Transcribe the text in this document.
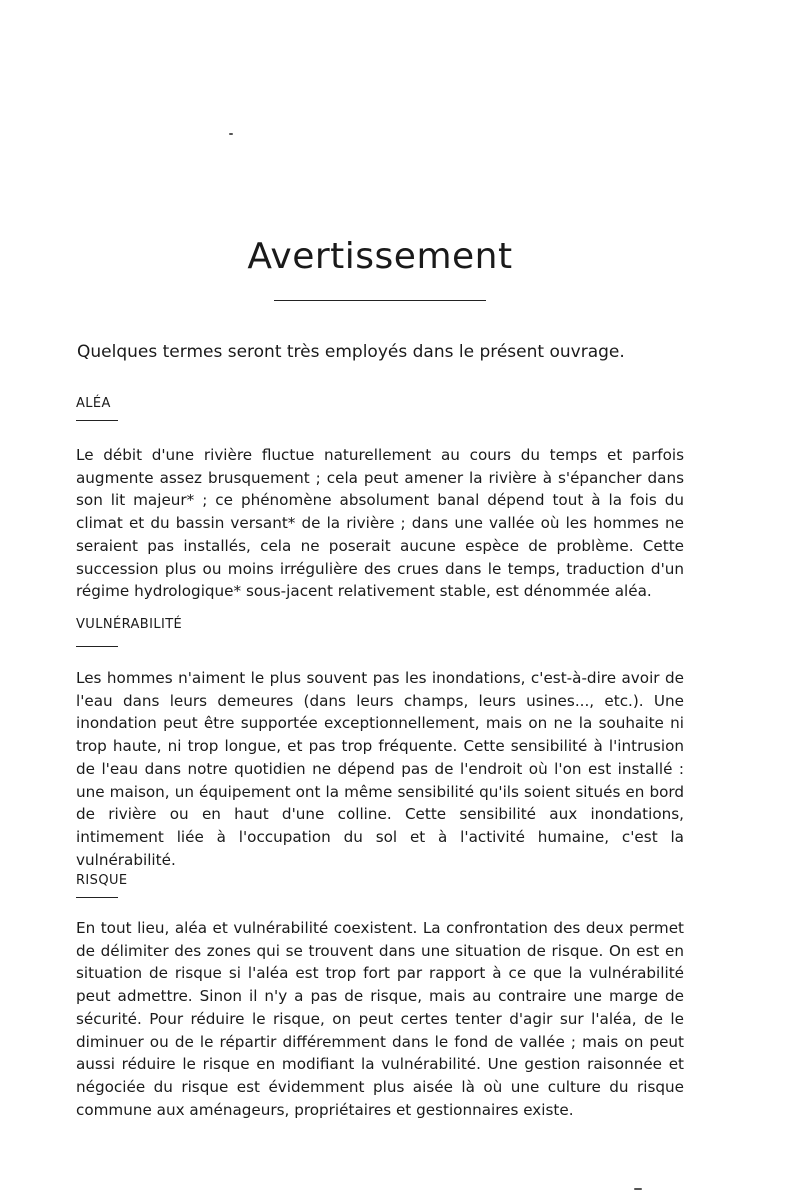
Avertissement

Quelques termes seront très employés dans le présent ouvrage.

ALÉA

Le débit d'une rivière fluctue naturellement au cours du temps et parfois augmente assez brusquement ; cela peut amener la rivière à s'épancher dans son lit majeur* ; ce phénomène absolument banal dépend tout à la fois du climat et du bassin versant* de la rivière ; dans une vallée où les hommes ne seraient pas installés, cela ne poserait aucune espèce de problème. Cette succession plus ou moins irrégulière des crues dans le temps, traduction d'un régime hydrologique* sous-jacent relativement stable, est dénommée aléa.

VULNÉRABILITÉ

Les hommes n'aiment le plus souvent pas les inondations, c'est-à-dire avoir de l'eau dans leurs demeures (dans leurs champs, leurs usines..., etc.). Une inondation peut être supportée exceptionnellement, mais on ne la souhaite ni trop haute, ni trop longue, et pas trop fréquente. Cette sensibilité à l'intrusion de l'eau dans notre quotidien ne dépend pas de l'endroit où l'on est installé : une maison, un équipement ont la même sensibilité qu'ils soient situés en bord de rivière ou en haut d'une colline. Cette sensibilité aux inondations, intimement liée à l'occupation du sol et à l'activité humaine, c'est la vulnérabilité.

RISQUE

En tout lieu, aléa et vulnérabilité coexistent. La confrontation des deux permet de délimiter des zones qui se trouvent dans une situation de risque. On est en situation de risque si l'aléa est trop fort par rapport à ce que la vulnérabilité peut admettre. Sinon il n'y a pas de risque, mais au contraire une marge de sécurité. Pour réduire le risque, on peut certes tenter d'agir sur l'aléa, de le diminuer ou de le répartir différemment dans le fond de vallée ; mais on peut aussi réduire le risque en modifiant la vulnérabilité. Une gestion raisonnée et négociée du risque est évidemment plus aisée là où une culture du risque commune aux aménageurs, propriétaires et gestionnaires existe.
